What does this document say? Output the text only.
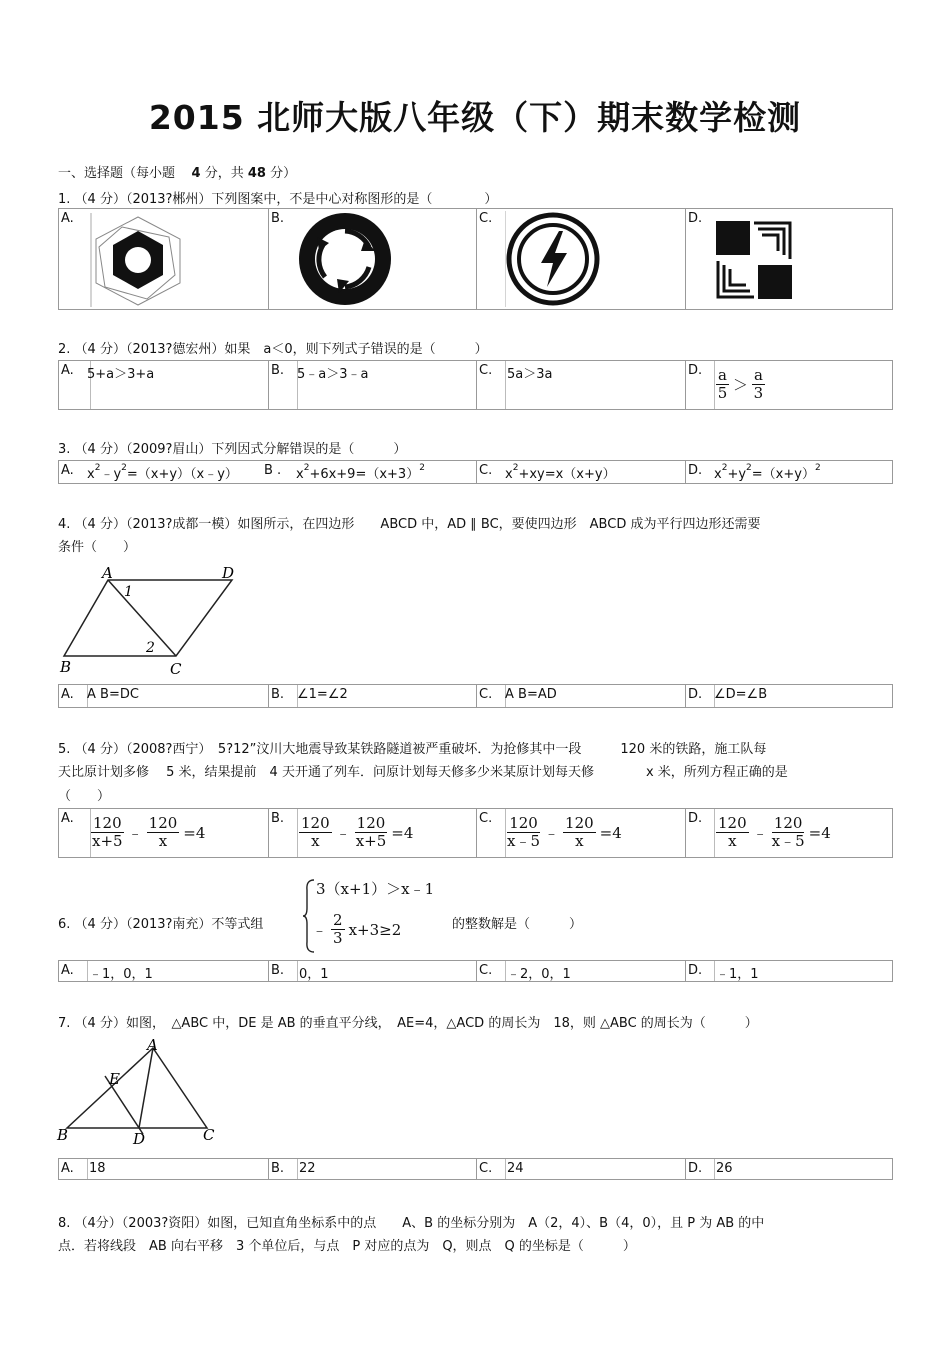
2015 北师大版八年级（下）期末数学检测
一、选择题（每小题 4 分，共 48 分）
1. （4 分）（2013?郴州）下列图案中，不是中心对称图形的是（　　　　）
A.	B.	C.	D.
2. （4 分）（2013?德宏州）如果　a＜0，则下列式子错误的是（　　　）
A. 5+a＞3+a	B. 5﹣a＞3﹣a	C. 5a＞3a	D. $\frac{a}{5} > \frac{a}{3}$
3. （4 分）（2009?眉山）下列因式分解错误的是（　　　）
A. $x^2﹣y^2=(x+y)(x﹣y)$ B . $x^2+6x+9=(x+3)^2$	C. $x^2+xy=x(x+y)$	D. $x^2+y^2=(x+y)^2$
4. （4 分）（2013?成都一模）如图所示，在四边形　　ABCD 中，AD ∥ BC，要使四边形　ABCD 成为平行四边形还需要
条件（　　）
A	D
B	C
1
2
A. A B=DC	B. ∠1=∠2	C. A B=AD	D. ∠D=∠B
5. （4 分）（2008?西宁）　5?12”汶川大地震导致某铁路隧道被严重破坏．为抢修其中一段　　　120 米的铁路，施工队每
天比原计划多修　 5 米，结果提前　4 天开通了列车．问原计划每天修多少米某原计划每天修　　　　x 米，所列方程正确的是
（　　）
A. $\frac{120}{x+5}$ ﹣ $\frac{120}{x} =4$
B. $\frac{120}{x}$ ﹣ $\frac{120}{x+5} =4$
C. $\frac{120}{x﹣5}$ ﹣ $\frac{120}{x} =4$
D. $\frac{120}{x}$ ﹣ $\frac{120}{x﹣5} =4$
6. （4 分）（2013?南充）不等式组
3（x+1）＞x﹣1
﹣ $\frac{2}{3} x+3\ge 2$	的整数解是（　　　）
A. ﹣1，0，1	B. 0，1	C. ﹣2，0，1	D. ﹣1，1
7. （4 分）如图，　△ABC 中，DE 是 AB 的垂直平分线，　AE=4，△ACD 的周长为　18，则 △ABC 的周长为（　　　）
A
E
B	D	C
A. 18	B. 22	C. 24	D. 26
8. （4分）（2003?资阳）如图，已知直角坐标系中的点　　A、B 的坐标分别为　A（2，4）、B（4，0），且 P 为 AB 的中
点．若将线段　AB 向右平移　3 个单位后，与点　P 对应的点为　Q，则点　Q 的坐标是（　　　）
